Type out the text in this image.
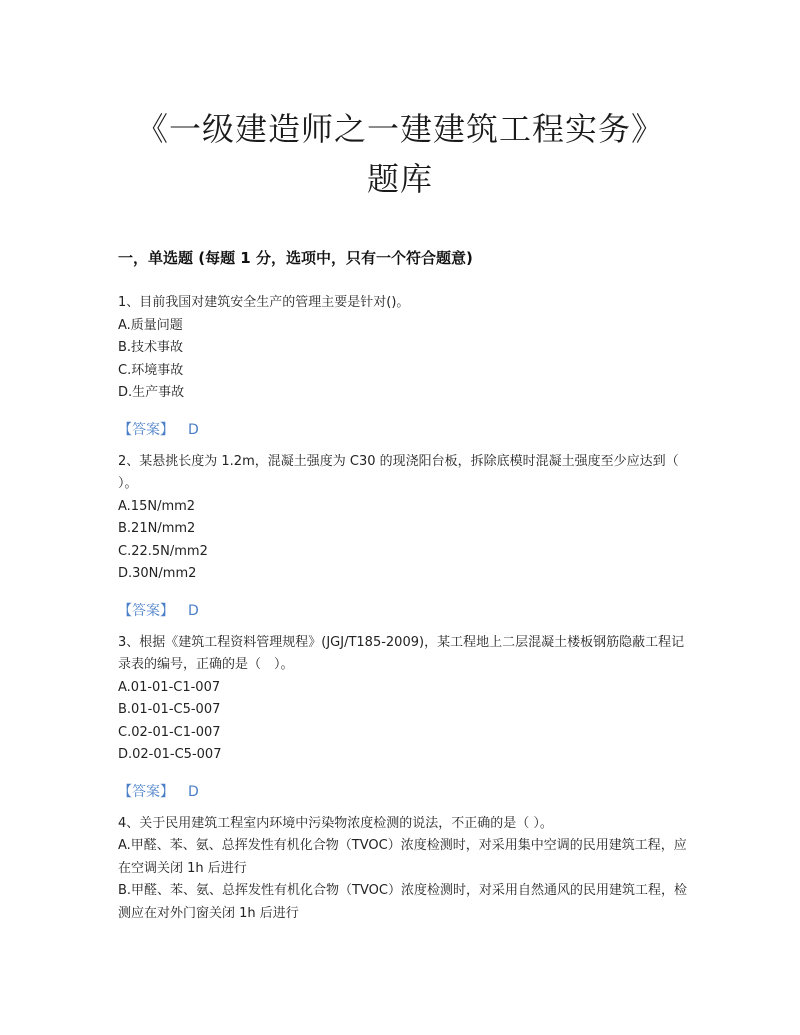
《一级建造师之一建建筑工程实务》
题库
一，单选题 (每题 1 分，选项中，只有一个符合题意)

1、目前我国对建筑安全生产的管理主要是针对()。

A.质量问题

B.技术事故

C.环境事故

D.生产事故

【答案】 D

2、某悬挑长度为 1.2m，混凝土强度为 C30 的现浇阳台板，拆除底模时混凝土强度至少应达到（ ）。

A.15N/mm2

B.21N/mm2

C.22.5N/mm2

D.30N/mm2

【答案】 D

3、根据《建筑工程资料管理规程》(JGJ/T185-2009)，某工程地上二层混凝土楼板钢筋隐蔽工程记录表的编号，正确的是（　）。

A.01-01-C1-007

B.01-01-C5-007

C.02-01-C1-007

D.02-01-C5-007

【答案】 D

4、关于民用建筑工程室内环境中污染物浓度检测的说法，不正确的是（ ）。

A.甲醛、苯、氨、总挥发性有机化合物（TVOC）浓度检测时，对采用集中空调的民用建筑工程，应在空调关闭 1h 后进行

B.甲醛、苯、氨、总挥发性有机化合物（TVOC）浓度检测时，对采用自然通风的民用建筑工程，检测应在对外门窗关闭 1h 后进行
